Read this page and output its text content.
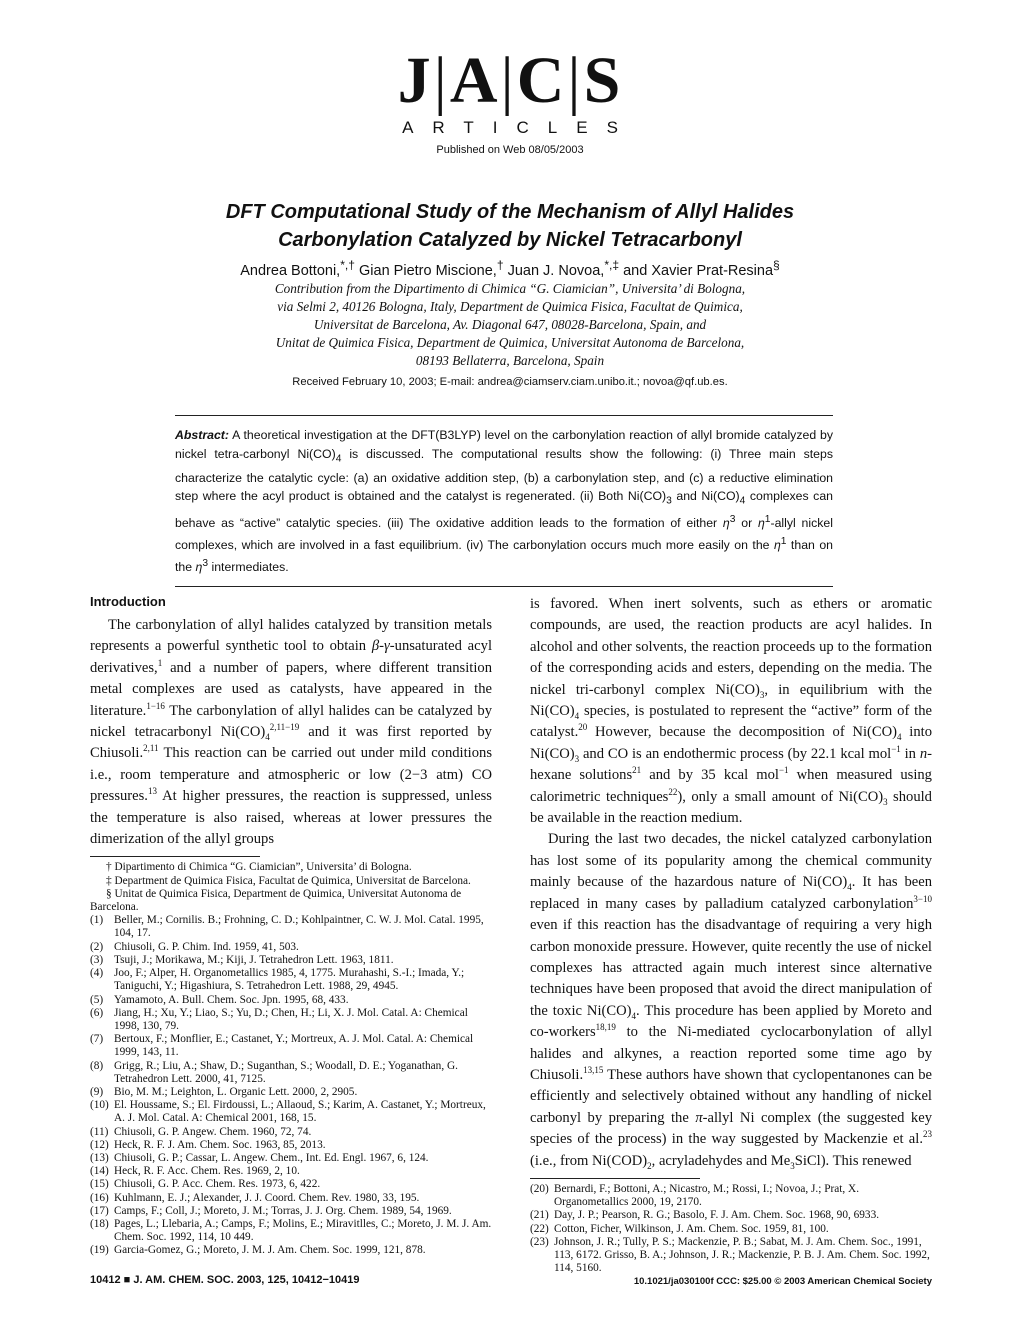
J|A|C|S
ARTICLES
Published on Web 08/05/2003
DFT Computational Study of the Mechanism of Allyl Halides
Carbonylation Catalyzed by Nickel Tetracarbonyl
Andrea Bottoni,*,† Gian Pietro Miscione,† Juan J. Novoa,*,‡ and Xavier Prat-Resina§
Contribution from the Dipartimento di Chimica “G. Ciamician”, Universita’ di Bologna,
via Selmi 2, 40126 Bologna, Italy, Department de Quimica Fisica, Facultat de Quimica,
Universitat de Barcelona, Av. Diagonal 647, 08028-Barcelona, Spain, and
Unitat de Quimica Fisica, Department de Quimica, Universitat Autonoma de Barcelona,
08193 Bellaterra, Barcelona, Spain
Received February 10, 2003; E-mail: andrea@ciamserv.ciam.unibo.it.; novoa@qf.ub.es.
Abstract: A theoretical investigation at the DFT(B3LYP) level on the carbonylation reaction of allyl bromide catalyzed by nickel tetra-carbonyl $Ni(CO)_4$ is discussed. The computational results show the following: (i) Three main steps characterize the catalytic cycle: (a) an oxidative addition step, (b) a carbonylation step, and (c) a reductive elimination step where the acyl product is obtained and the catalyst is regenerated. (ii) Both $Ni(CO)_3$ and $Ni(CO)_4$ complexes can behave as “active” catalytic species. (iii) The oxidative addition leads to the formation of either $\eta^3$ or $\eta^1$-allyl nickel complexes, which are involved in a fast equilibrium. (iv) The carbonylation occurs much more easily on the $\eta^1$ than on the $\eta^3$ intermediates.
Introduction

The carbonylation of allyl halides catalyzed by transition metals represents a powerful synthetic tool to obtain β-γ-unsaturated acyl derivatives,$^1$ and a number of papers, where different transition metal complexes are used as catalysts, have appeared in the literature.$^{1-16}$ The carbonylation of allyl halides can be catalyzed by nickel tetracarbonyl $Ni(CO)_4^{2,11-19}$ and it was first reported by Chiusoli.$^{2,11}$ This reaction can be carried out under mild conditions i.e., room temperature and atmospheric or low (2−3 atm) CO pressures.$^{13}$ At higher pressures, the reaction is suppressed, unless the temperature is also raised, whereas at lower pressures the dimerization of the allyl groups

† Dipartimento di Chimica “G. Ciamician”, Universita’ di Bologna.

‡ Department de Quimica Fisica, Facultat de Quimica, Universitat de Barcelona.

§ Unitat de Quimica Fisica, Department de Quimica, Universitat Autonoma de Barcelona.

(1) Beller, M.; Cornilis. B.; Frohning, C. D.; Kohlpaintner, C. W. J. Mol. Catal. 1995, 104, 17.
(2) Chiusoli, G. P. Chim. Ind. 1959, 41, 503.
(3) Tsuji, J.; Morikawa, M.; Kiji, J. Tetrahedron Lett. 1963, 1811.
(4) Joo, F.; Alper, H. Organometallics 1985, 4, 1775. Murahashi, S.-I.; Imada, Y.; Taniguchi, Y.; Higashiura, S. Tetrahedron Lett. 1988, 29, 4945.
(5) Yamamoto, A. Bull. Chem. Soc. Jpn. 1995, 68, 433.
(6) Jiang, H.; Xu, Y.; Liao, S.; Yu, D.; Chen, H.; Li, X. J. Mol. Catal. A: Chemical 1998, 130, 79.
(7) Bertoux, F.; Monflier, E.; Castanet, Y.; Mortreux, A. J. Mol. Catal. A: Chemical 1999, 143, 11.
(8) Grigg, R.; Liu, A.; Shaw, D.; Suganthan, S.; Woodall, D. E.; Yoganathan, G. Tetrahedron Lett. 2000, 41, 7125.
(9) Bio, M. M.; Leighton, L. Organic Lett. 2000, 2, 2905.
(10) El. Houssame, S.; El. Firdoussi, L.; Allaoud, S.; Karim, A. Castanet, Y.; Mortreux, A. J. Mol. Catal. A: Chemical 2001, 168, 15.
(11) Chiusoli, G. P. Angew. Chem. 1960, 72, 74.
(12) Heck, R. F. J. Am. Chem. Soc. 1963, 85, 2013.
(13) Chiusoli, G. P.; Cassar, L. Angew. Chem., Int. Ed. Engl. 1967, 6, 124.
(14) Heck, R. F. Acc. Chem. Res. 1969, 2, 10.
(15) Chiusoli, G. P. Acc. Chem. Res. 1973, 6, 422.
(16) Kuhlmann, E. J.; Alexander, J. J. Coord. Chem. Rev. 1980, 33, 195.
(17) Camps, F.; Coll, J.; Moreto, J. M.; Torras, J. J. Org. Chem. 1989, 54, 1969.
(18) Pages, L.; Llebaria, A.; Camps, F.; Molins, E.; Miravitlles, C.; Moreto, J. M. J. Am. Chem. Soc. 1992, 114, 10 449.
(19) Garcia-Gomez, G.; Moreto, J. M. J. Am. Chem. Soc. 1999, 121, 878.

is favored. When inert solvents, such as ethers or aromatic compounds, are used, the reaction products are acyl halides. In alcohol and other solvents, the reaction proceeds up to the formation of the corresponding acids and esters, depending on the media. The nickel tri-carbonyl complex $Ni(CO)_3$, in equilibrium with the $Ni(CO)_4$ species, is postulated to represent the “active” form of the catalyst.$^{20}$ However, because the decomposition of $Ni(CO)_4$ into $Ni(CO)_3$ and CO is an endothermic process (by 22.1 kcal mol$^{-1}$ in n-hexane solutions$^{21}$ and by 35 kcal mol$^{-1}$ when measured using calorimetric techniques$^{22}$), only a small amount of $Ni(CO)_3$ should be available in the reaction medium.

During the last two decades, the nickel catalyzed carbonylation has lost some of its popularity among the chemical community mainly because of the hazardous nature of $Ni(CO)_4$. It has been replaced in many cases by palladium catalyzed carbonylation$^{3-10}$ even if this reaction has the disadvantage of requiring a very high carbon monoxide pressure. However, quite recently the use of nickel complexes has attracted again much interest since alternative techniques have been proposed that avoid the direct manipulation of the toxic $Ni(CO)_4$. This procedure has been applied by Moreto and co-workers$^{18,19}$ to the Ni-mediated cyclocarbonylation of allyl halides and alkynes, a reaction reported some time ago by Chiusoli.$^{13,15}$ These authors have shown that cyclopentanones can be efficiently and selectively obtained without any handling of nickel carbonyl by preparing the π-allyl Ni complex (the suggested key species of the process) in the way suggested by Mackenzie et al.$^{23}$ (i.e., from $Ni(COD)_2$, acryladehydes and $Me_3SiCl$). This renewed

(20) Bernardi, F.; Bottoni, A.; Nicastro, M.; Rossi, I.; Novoa, J.; Prat, X. Organometallics 2000, 19, 2170.
(21) Day, J. P.; Pearson, R. G.; Basolo, F. J. Am. Chem. Soc. 1968, 90, 6933.
(22) Cotton, Ficher, Wilkinson, J. Am. Chem. Soc. 1959, 81, 100.
(23) Johnson, J. R.; Tully, P. S.; Mackenzie, P. B.; Sabat, M. J. Am. Chem. Soc., 1991, 113, 6172. Grisso, B. A.; Johnson, J. R.; Mackenzie, P. B. J. Am. Chem. Soc. 1992, 114, 5160.
10412 ■ J. AM. CHEM. SOC. 2003, 125, 10412−10419	10.1021/ja030100f CCC: $25.00 © 2003 American Chemical Society
